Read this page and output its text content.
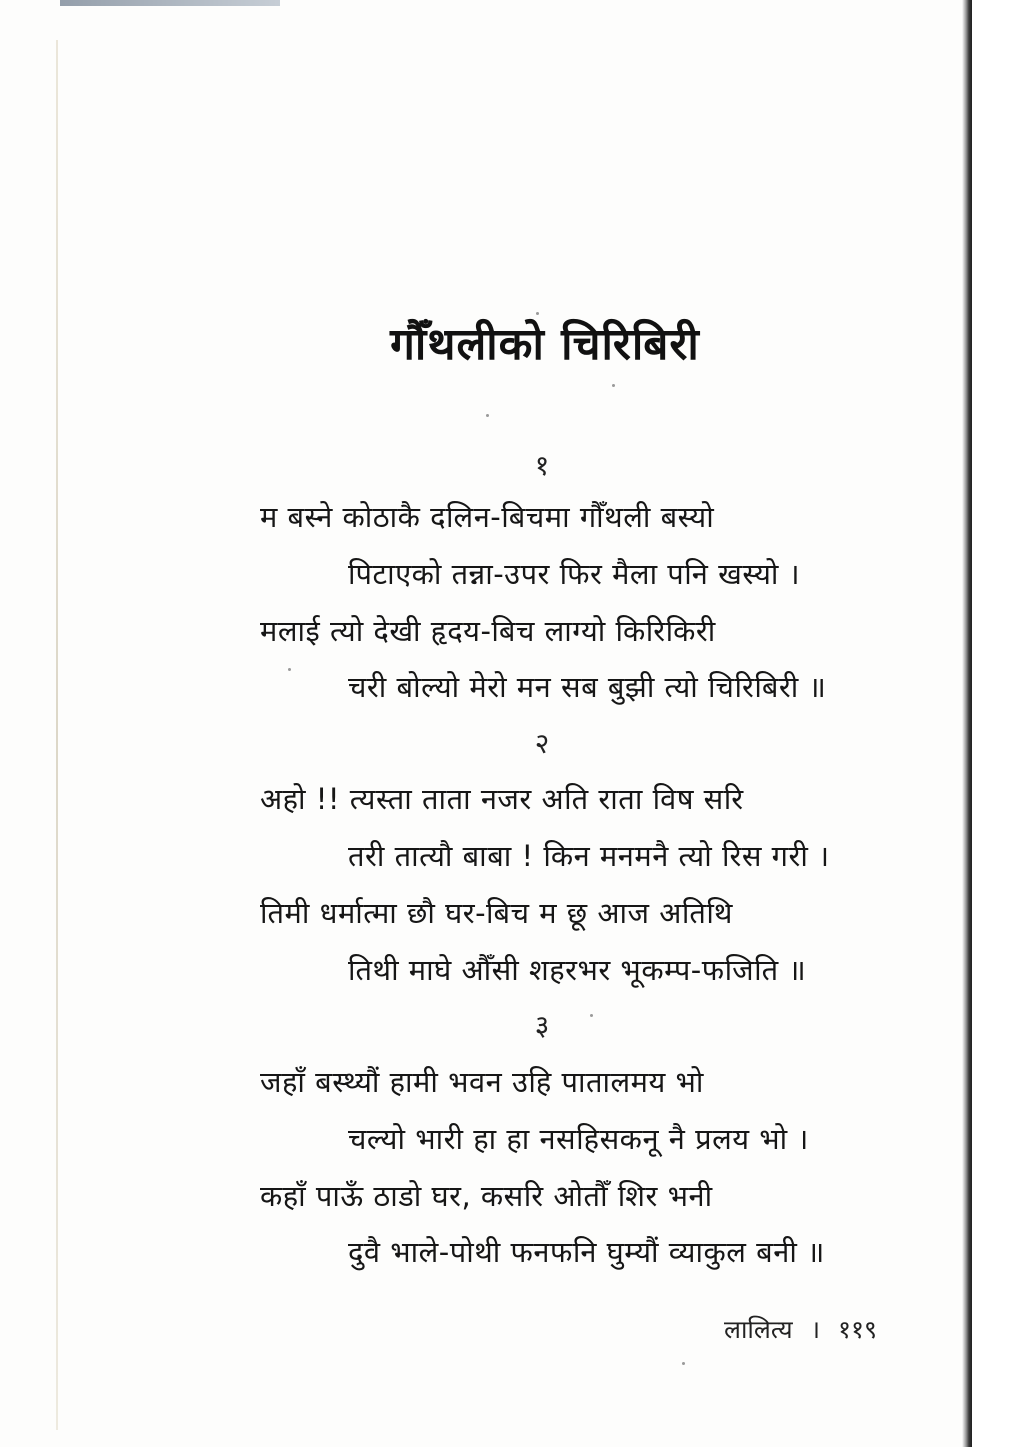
गौँथलीको चिरिबिरी
१
म बस्ने कोठाकै दलिन-बिचमा गौँथली बस्यो
पिटाएको तन्ना-उपर फिर मैला पनि खस्यो ।
मलाई त्यो देखी हृदय-बिच लाग्यो किरिकिरी
चरी बोल्यो मेरो मन सब बुझी त्यो चिरिबिरी ॥
२
अहो !! त्यस्ता ताता नजर अति राता विष सरि
तरी तात्यौ बाबा ! किन मनमनै त्यो रिस गरी ।
तिमी धर्मात्मा छौ घर-बिच म छू आज अतिथि
तिथी माघे औँसी शहरभर भूकम्प-फजिति ॥
३
जहाँ बस्थ्यौं हामी भवन उहि पातालमय भो
चल्यो भारी हा हा नसहिसकनू नै प्रलय भो ।
कहाँ पाऊँ ठाडो घर, कसरि ओतौँ शिर भनी
दुवै भाले-पोथी फनफनि घुम्यौं व्याकुल बनी ॥
लालित्य । ११९
